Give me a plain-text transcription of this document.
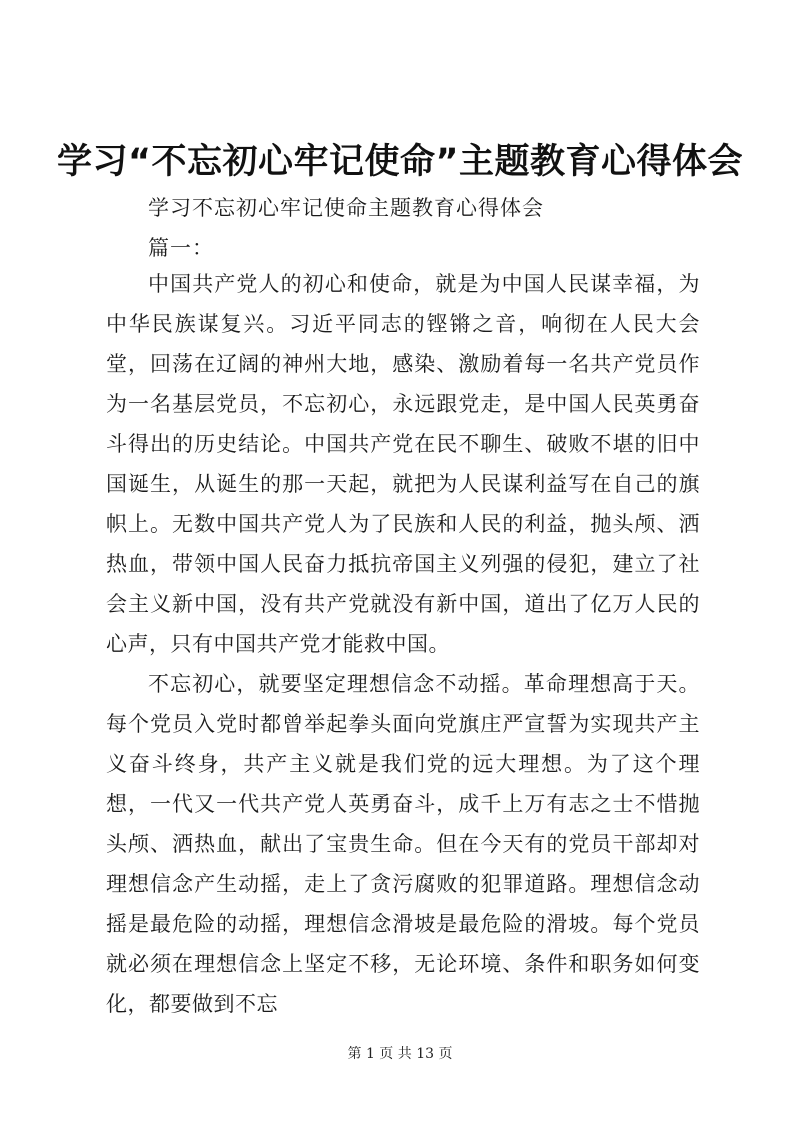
学习“不忘初心牢记使命”主题教育心得体会
学习不忘初心牢记使命主题教育心得体会
篇一：

中国共产党人的初心和使命，就是为中国人民谋幸福，为中华民族谋复兴。习近平同志的铿锵之音，响彻在人民大会堂，回荡在辽阔的神州大地，感染、激励着每一名共产党员作为一名基层党员，不忘初心，永远跟党走，是中国人民英勇奋斗得出的历史结论。中国共产党在民不聊生、破败不堪的旧中国诞生，从诞生的那一天起，就把为人民谋利益写在自己的旗帜上。无数中国共产党人为了民族和人民的利益，抛头颅、洒热血，带领中国人民奋力抵抗帝国主义列强的侵犯，建立了社会主义新中国，没有共产党就没有新中国，道出了亿万人民的心声，只有中国共产党才能救中国。

不忘初心，就要坚定理想信念不动摇。革命理想高于天。每个党员入党时都曾举起拳头面向党旗庄严宣誓为实现共产主义奋斗终身，共产主义就是我们党的远大理想。为了这个理想，一代又一代共产党人英勇奋斗，成千上万有志之士不惜抛头颅、洒热血，献出了宝贵生命。但在今天有的党员干部却对理想信念产生动摇，走上了贪污腐败的犯罪道路。理想信念动摇是最危险的动摇，理想信念滑坡是最危险的滑坡。每个党员就必须在理想信念上坚定不移，无论环境、条件和职务如何变化，都要做到不忘

第 1 页 共 13 页
